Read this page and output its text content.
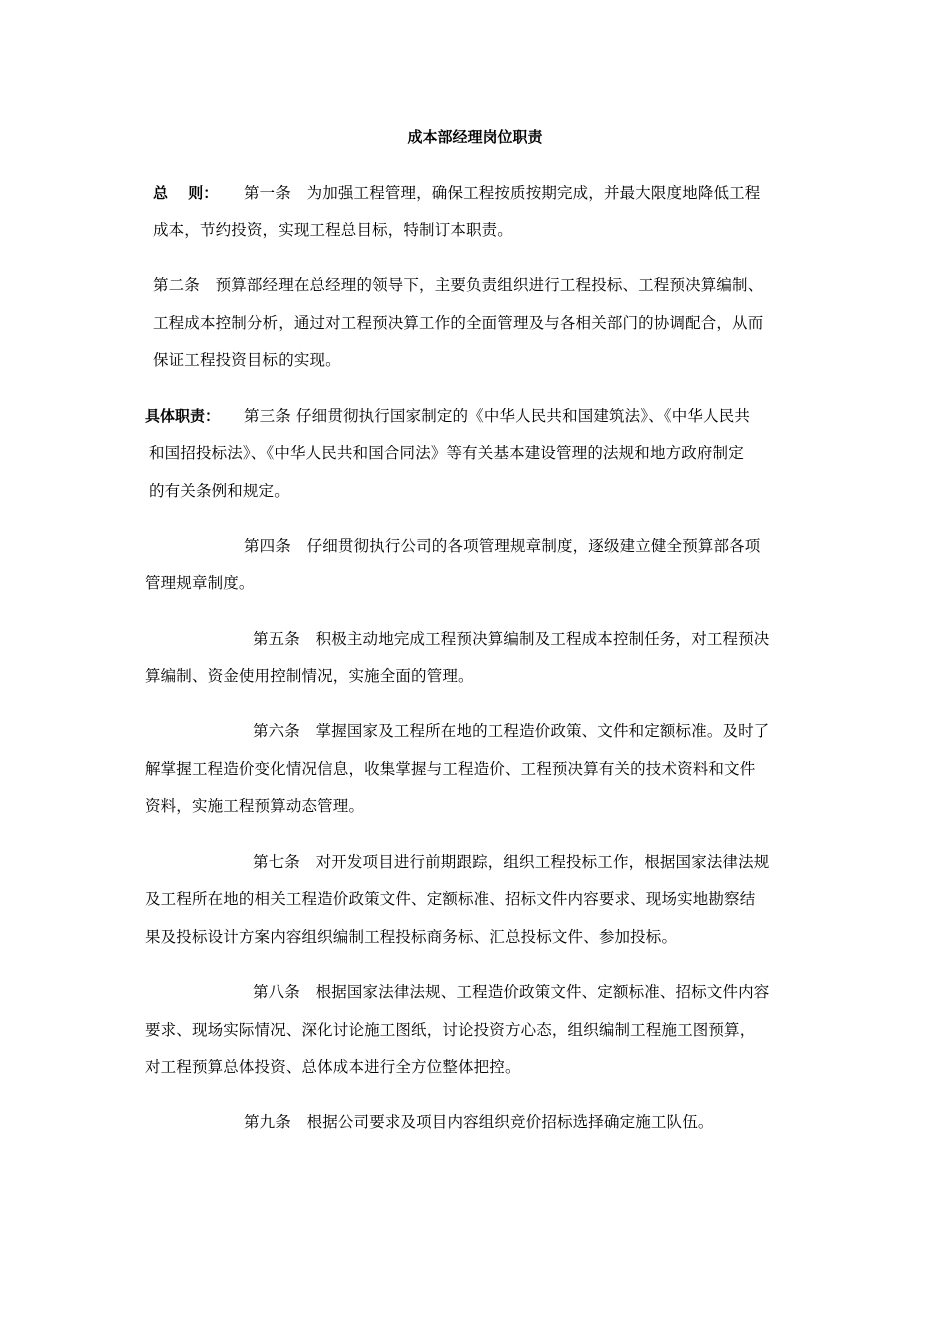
成本部经理岗位职责
总　 则： 第一条　为加强工程管理，确保工程按质按期完成，并最大限度地降低工程
成本，节约投资，实现工程总目标，特制订本职责。
第二条　预算部经理在总经理的领导下，主要负责组织进行工程投标、工程预决算编制、
工程成本控制分析，通过对工程预决算工作的全面管理及与各相关部门的协调配合，从而
保证工程投资目标的实现。
具体职责： 第三条 仔细贯彻执行国家制定的《中华人民共和国建筑法》、《中华人民共
和国招投标法》、《中华人民共和国合同法》等有关基本建设管理的法规和地方政府制定
的有关条例和规定。
第四条　仔细贯彻执行公司的各项管理规章制度，逐级建立健全预算部各项
管理规章制度。
第五条　积极主动地完成工程预决算编制及工程成本控制任务，对工程预决
算编制、资金使用控制情况，实施全面的管理。
第六条　掌握国家及工程所在地的工程造价政策、文件和定额标准。及时了
解掌握工程造价变化情况信息，收集掌握与工程造价、工程预决算有关的技术资料和文件
资料，实施工程预算动态管理。
第七条　对开发项目进行前期跟踪，组织工程投标工作，根据国家法律法规
及工程所在地的相关工程造价政策文件、定额标准、招标文件内容要求、现场实地勘察结
果及投标设计方案内容组织编制工程投标商务标、汇总投标文件、参加投标。
第八条　根据国家法律法规、工程造价政策文件、定额标准、招标文件内容
要求、现场实际情况、深化讨论施工图纸，讨论投资方心态，组织编制工程施工图预算，
对工程预算总体投资、总体成本进行全方位整体把控。
第九条　根据公司要求及项目内容组织竞价招标选择确定施工队伍。
